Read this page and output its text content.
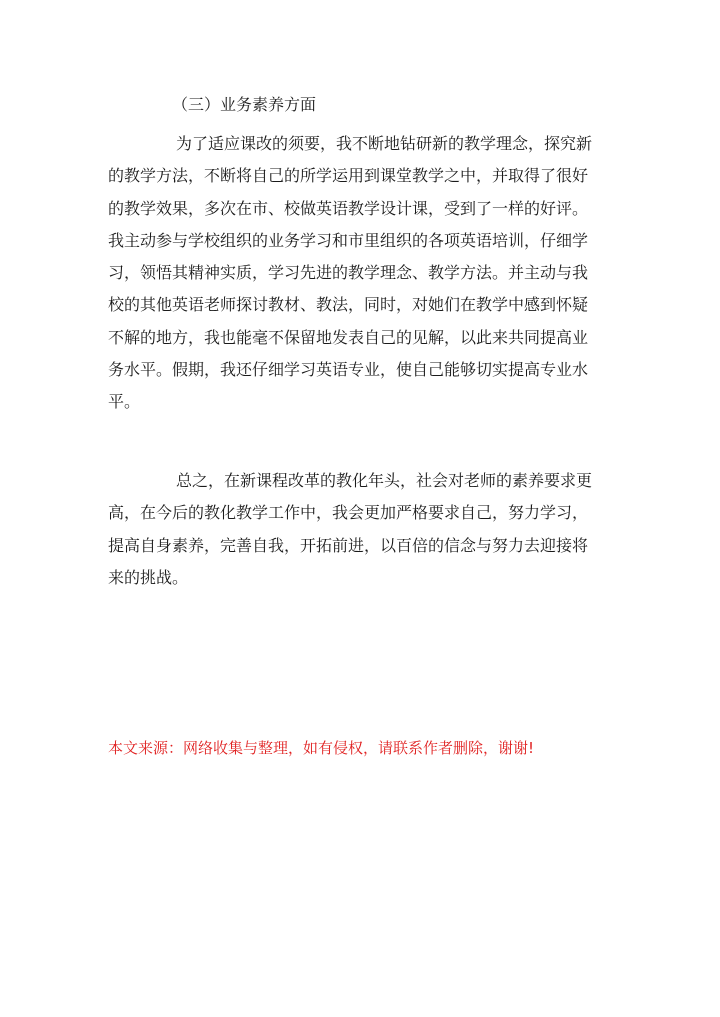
（三）业务素养方面

为了适应课改的须要，我不断地钻研新的教学理念，探究新
的教学方法，不断将自己的所学运用到课堂教学之中，并取得了很好
的教学效果，多次在市、校做英语教学设计课，受到了一样的好评。
我主动参与学校组织的业务学习和市里组织的各项英语培训，仔细学
习，领悟其精神实质，学习先进的教学理念、教学方法。并主动与我
校的其他英语老师探讨教材、教法，同时，对她们在教学中感到怀疑
不解的地方，我也能毫不保留地发表自己的见解，以此来共同提高业
务水平。假期，我还仔细学习英语专业，使自己能够切实提高专业水
平。

总之，在新课程改革的教化年头，社会对老师的素养要求更
高，在今后的教化教学工作中，我会更加严格要求自己，努力学习，
提高自身素养，完善自我，开拓前进，以百倍的信念与努力去迎接将
来的挑战。

本文来源：网络收集与整理，如有侵权，请联系作者删除，谢谢!
